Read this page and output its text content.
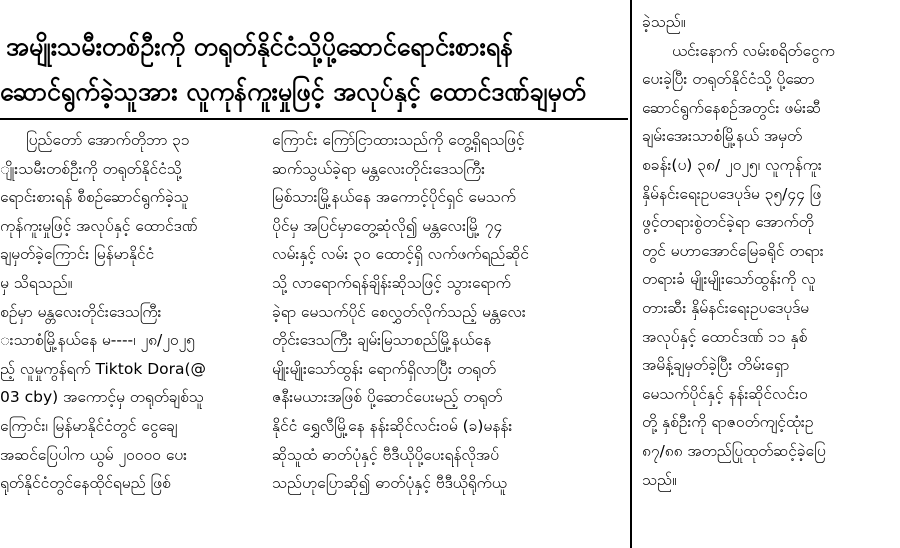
အမျိုးသမီးတစ်ဦးကို တရုတ်နိုင်ငံသို့ပို့ဆောင်ရောင်းစားရန်
ဆောင်ရွက်ခဲ့သူအား လူကုန်ကူးမှုဖြင့် အလုပ်နှင့် ထောင်ဒဏ်ချမှတ်
ပြည်တော် အောက်တိုဘာ ၃၁
ျိုးသမီးတစ်ဦးကို တရုတ်နိုင်ငံသို့
ရောင်းစားရန် စီစဉ်ဆောင်ရွက်ခဲ့သူ
ကုန်ကူးမှုဖြင့် အလုပ်နှင့် ထောင်ဒဏ်
ချမှတ်ခဲ့ကြောင်း မြန်မာနိုင်ငံ
မှ သိရသည်။
စဉ်မှာ မန္တလေးတိုင်းဒေသကြီး
းသာစံမြို့နယ်နေ မ----၊ ၂၈/၂၀၂၅
ည့် လူမှုကွန်ရက် Tiktok Dora(@
03 cby) အကောင့်မှ တရုတ်ချစ်သူ
ကြောင်း၊ မြန်မာနိုင်ငံတွင် ငွေချေ
အဆင်ပြေပါက ယွမ် ၂၀၀၀၀ ပေး
ရုတ်နိုင်ငံတွင်နေထိုင်ရမည် ဖြစ်
ကြောင်း ကြော်ငြာထားသည်ကို တွေ့ရှိရသဖြင့်
ဆက်သွယ်ခဲ့ရာ မန္တလေးတိုင်းဒေသကြီး
မြစ်သားမြို့နယ်နေ အကောင့်ပိုင်ရှင် မေသက်
ပိုင်မှ အပြင်မှာတွေ့ဆုံလို၍ မန္တလေးမြို့ ၇၄
လမ်းနှင့် လမ်း ၃၀ ထောင့်ရှိ လက်ဖက်ရည်ဆိုင်
သို့ လာရောက်ရန်ချိန်းဆိုသဖြင့် သွားရောက်
ခဲ့ရာ မေသက်ပိုင် စေလွှတ်လိုက်သည့် မန္တလေး
တိုင်းဒေသကြီး ချမ်းမြသာစည်မြို့နယ်နေ
မျိုးမျိုးသော်ထွန်း ရောက်ရှိလာပြီး တရုတ်
ဇနီးမယားအဖြစ် ပို့ဆောင်ပေးမည့် တရုတ်
နိုင်ငံ ရွှေလီမြို့နေ နန်းဆိုင်လင်းဝမ် (ခ)မနန်း
ဆိုသူထံ ဓာတ်ပုံနှင့် ဗီဒီယိုပို့ပေးရန်လိုအပ်
သည်ဟုပြောဆို၍ ဓာတ်ပုံနှင့် ဗီဒီယိုရိုက်ယူ
ခဲ့သည်။
ယင်းနောက် လမ်းစရိတ်ငွေက
ပေးခဲ့ပြီး တရုတ်နိုင်ငံသို့ ပို့ဆော
ဆောင်ရွက်နေစဉ်အတွင်း ဖမ်းဆီ
ချမ်းအေးသာစံမြို့နယ် အမှတ်
စခန်း(ပ) ၃၈/ ၂၀၂၅၊ လူကုန်ကူး
နှိမ်နင်းရေးဥပဒေပုဒ်မ ၃၅/၄၄ ဖြ
ဖွင့်တရားစွဲတင်ခဲ့ရာ အောက်တို
တွင် မဟာအောင်မြေခရိုင် တရား
တရားခံ မျိုးမျိုးသော်ထွန်းကို လူ
တားဆီး နှိမ်နင်းရေးဥပဒေပုဒ်မ
အလုပ်နှင့် ထောင်ဒဏ် ၁၁ နှစ်
အမိန့်ချမှတ်ခဲ့ပြီး တိမ်းရှော
မေသက်ပိုင်နှင့် နန်းဆိုင်လင်းဝ
တို့ နှစ်ဦးကို ရာဇဝတ်ကျင့်ထုံးဥ
၈၇/၈၈ အတည်ပြုထုတ်ဆင့်ခဲ့ပြေ
သည်။
